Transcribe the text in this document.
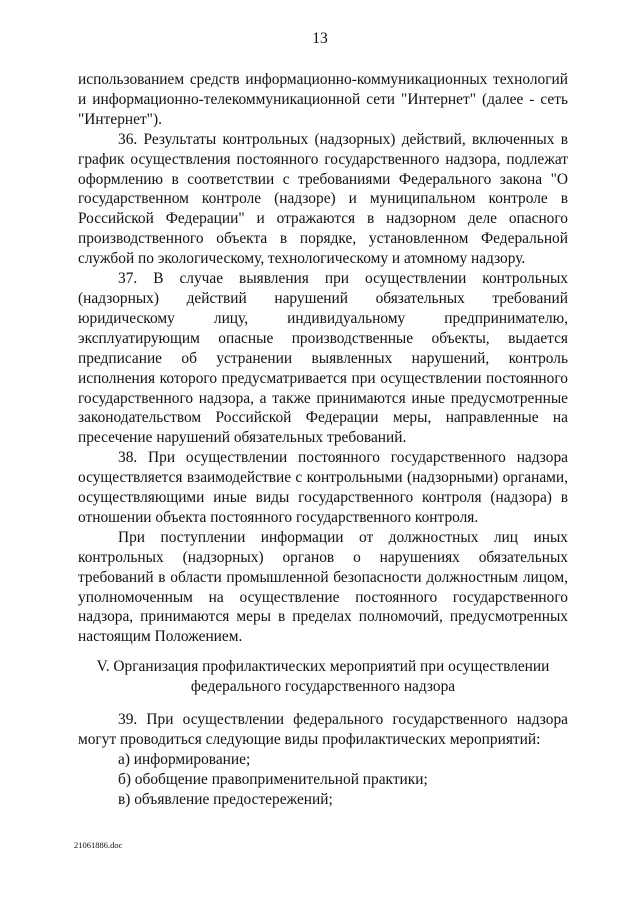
13

использованием средств информационно-коммуникационных технологий и информационно-телекоммуникационной сети "Интернет" (далее - сеть "Интернет").

36. Результаты контрольных (надзорных) действий, включенных в график осуществления постоянного государственного надзора, подлежат оформлению в соответствии с требованиями Федерального закона "О государственном контроле (надзоре) и муниципальном контроле в Российской Федерации" и отражаются в надзорном деле опасного производственного объекта в порядке, установленном Федеральной службой по экологическому, технологическому и атомному надзору.

37. В случае выявления при осуществлении контрольных (надзорных) действий нарушений обязательных требований юридическому лицу, индивидуальному предпринимателю, эксплуатирующим опасные производственные объекты, выдается предписание об устранении выявленных нарушений, контроль исполнения которого предусматривается при осуществлении постоянного государственного надзора, а также принимаются иные предусмотренные законодательством Российской Федерации меры, направленные на пресечение нарушений обязательных требований.

38. При осуществлении постоянного государственного надзора осуществляется взаимодействие с контрольными (надзорными) органами, осуществляющими иные виды государственного контроля (надзора) в отношении объекта постоянного государственного контроля.

При поступлении информации от должностных лиц иных контрольных (надзорных) органов о нарушениях обязательных требований в области промышленной безопасности должностным лицом, уполномоченным на осуществление постоянного государственного надзора, принимаются меры в пределах полномочий, предусмотренных настоящим Положением.

V. Организация профилактических мероприятий при осуществлении
федерального государственного надзора

39. При осуществлении федерального государственного надзора могут проводиться следующие виды профилактических мероприятий:

а) информирование;

б) обобщение правоприменительной практики;

в) объявление предостережений;

21061886.doc
